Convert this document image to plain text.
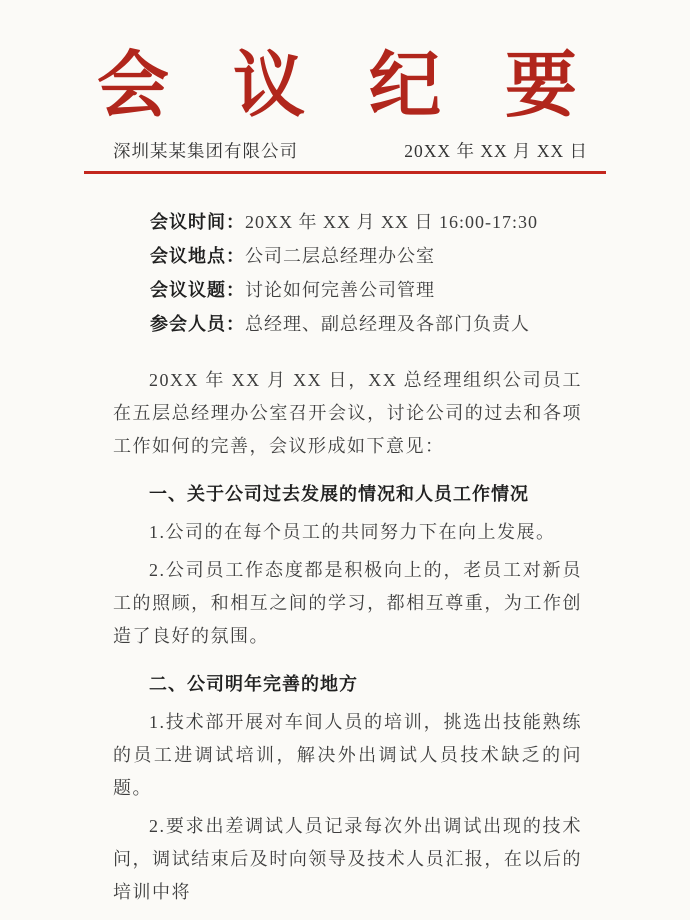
会 议 纪 要
深圳某某集团有限公司	20XX 年 XX 月 XX 日
会议时间：20XX 年 XX 月 XX 日 16:00-17:30
会议地点：公司二层总经理办公室
会议议题：讨论如何完善公司管理
参会人员：总经理、副总经理及各部门负责人

20XX 年 XX 月 XX 日，XX 总经理组织公司员工在五层总经理办公室召开会议，讨论公司的过去和各项工作如何的完善，会议形成如下意见：

一、关于公司过去发展的情况和人员工作情况

1.公司的在每个员工的共同努力下在向上发展。

2.公司员工作态度都是积极向上的，老员工对新员工的照顾，和相互之间的学习，都相互尊重，为工作创造了良好的氛围。

二、公司明年完善的地方

1.技术部开展对车间人员的培训，挑选出技能熟练的员工进调试培训，解决外出调试人员技术缺乏的问题。

2.要求出差调试人员记录每次外出调试出现的技术问，调试结束后及时向领导及技术人员汇报，在以后的培训中将
